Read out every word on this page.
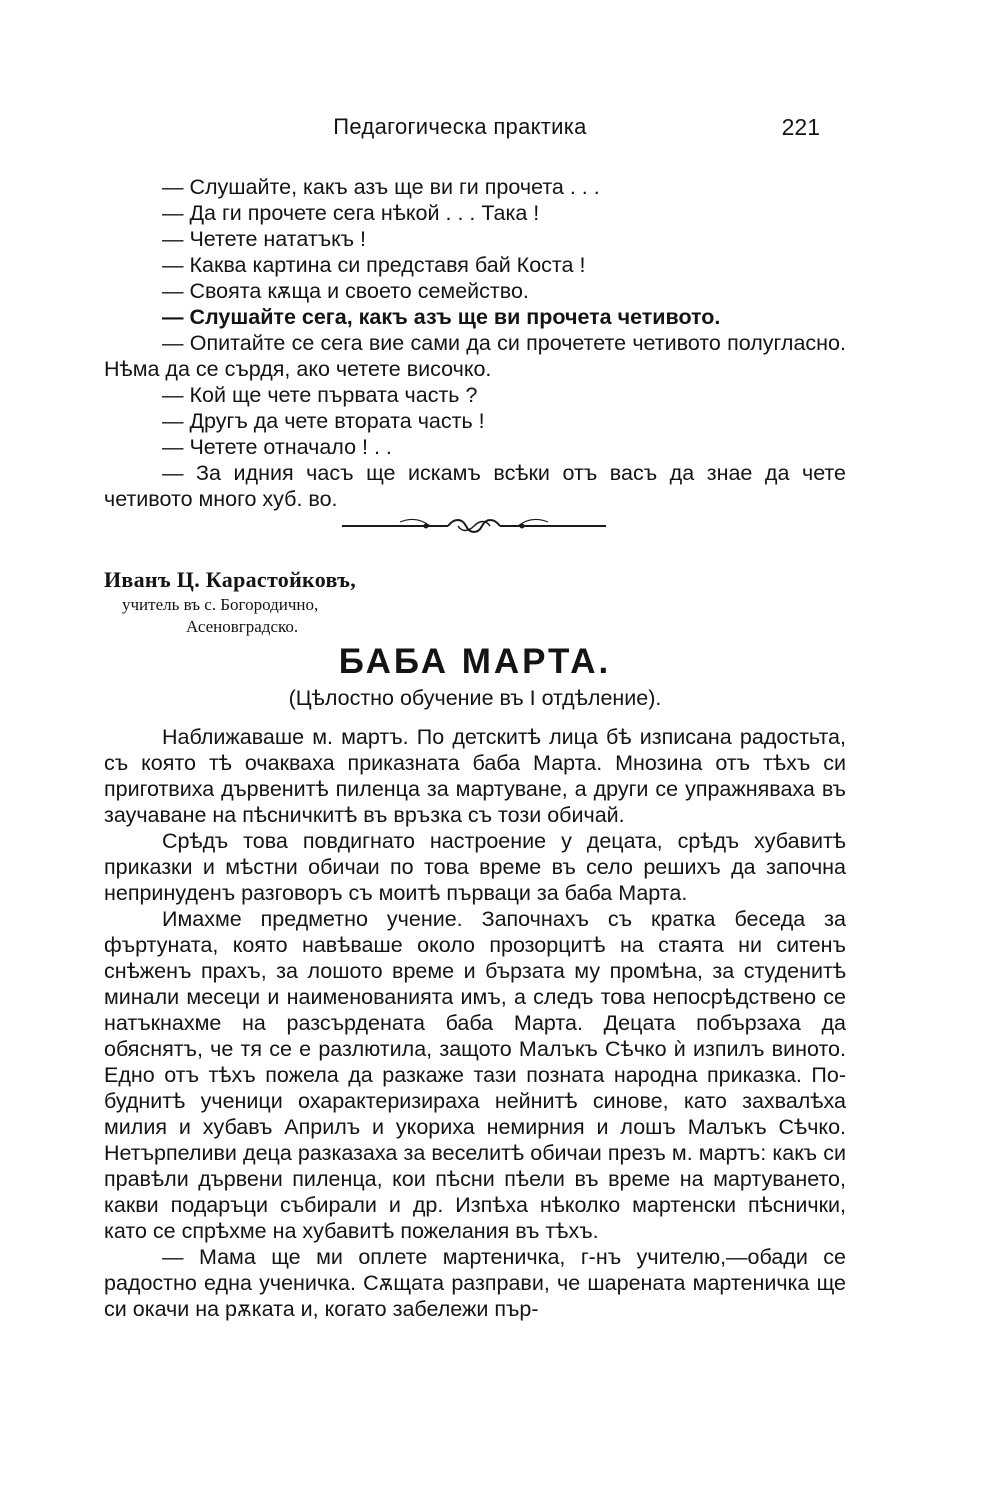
Педагогическа практика	221

— Слушайте, какъ азъ ще ви ги прочета . . .

— Да ги прочете сега нѣкой . . . Така !

— Четете нататъкъ !

— Каква картина си представя бай Коста !

— Своята кѫща и своето семейство.

— Слушайте сега, какъ азъ ще ви прочета четивото.

— Опитайте се сега вие сами да си прочетете четивото полугласно. Нѣма да се сърдя, ако четете височко.

— Кой ще чете първата часть ?

— Другъ да чете втората часть !

— Четете отначало ! . .

— За идния часъ ще искамъ всѣки отъ васъ да знае да чете четивото много хуб. во.

Иванъ Ц. Карастойковъ,
учитель въ с. Богородично,
Асеновградско.
БАБА МАРТА.
(Цѣлостно обучение въ I отдѣление).

Наближаваше м. мартъ. По детскитѣ лица бѣ изписана радостьта, съ която тѣ очакваха приказната баба Марта. Мнозина отъ тѣхъ си приготвиха дървенитѣ пиленца за мартуване, а други се упражняваха въ заучаване на пѣсничкитѣ въ връзка съ този обичай.

Срѣдъ това повдигнато настроение у децата, срѣдъ хубавитѣ приказки и мѣстни обичаи по това време въ село решихъ да започна непринуденъ разговоръ съ моитѣ първаци за баба Марта.

Имахме предметно учение. Започнахъ съ кратка беседа за фъртуната, която навѣваше около прозорцитѣ на стаята ни ситенъ снѣженъ прахъ, за лошото време и бързата му промѣна, за студенитѣ минали месеци и наименованията имъ, а следъ това непосрѣдствено се натъкнахме на разсърдената баба Марта. Децата побързаха да обяснятъ, че тя се е разлютила, защото Малъкъ Сѣчко ѝ изпилъ виното. Едно отъ тѣхъ пожела да разкаже тази позната народна приказка. Побуднитѣ ученици охарактеризираха нейнитѣ синове, като захвалѣха милия и хубавъ Априлъ и укориха немирния и лошъ Малъкъ Сѣчко. Нетърпеливи деца разказаха за веселитѣ обичаи презъ м. мартъ: какъ си правѣли дървени пиленца, кои пѣсни пѣели въ време на мартуването, какви подаръци събирали и др. Изпѣха нѣколко мартенски пѣснички, като се спрѣхме на хубавитѣ пожелания въ тѣхъ.

— Мама ще ми оплете мартеничка, г-нъ учителю,—обади се радостно една ученичка. Сѫщата разправи, че шарената мартеничка ще си окачи на рѫката и, когато забележи пър-
